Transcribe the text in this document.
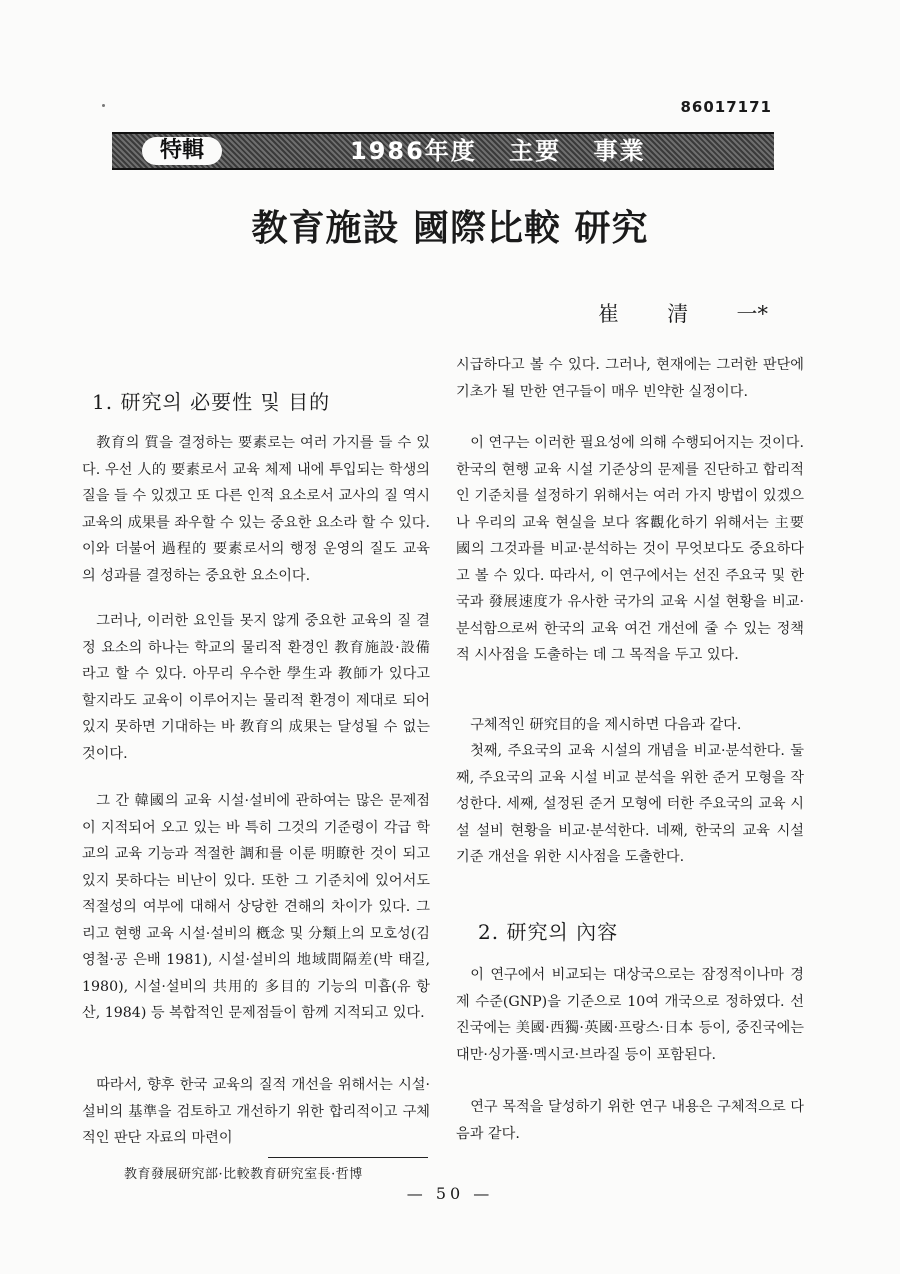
86017171
特輯	1986年度 主要 事業
教育施設 國際比較 研究
崔 清 一*
1. 研究의 必要性 및 目的

教育의 質을 결정하는 要素로는 여러 가지를 들 수 있다. 우선 人的 要素로서 교육 체제 내에 투입되는 학생의 질을 들 수 있겠고 또 다른 인적 요소로서 교사의 질 역시 교육의 成果를 좌우할 수 있는 중요한 요소라 할 수 있다. 이와 더불어 過程的 要素로서의 행정 운영의 질도 교육의 성과를 결정하는 중요한 요소이다.

그러나, 이러한 요인들 못지 않게 중요한 교육의 질 결정 요소의 하나는 학교의 물리적 환경인 教育施設·設備라고 할 수 있다. 아무리 우수한 學生과 教師가 있다고 할지라도 교육이 이루어지는 물리적 환경이 제대로 되어 있지 못하면 기대하는 바 教育의 成果는 달성될 수 없는 것이다.

그 간 韓國의 교육 시설·설비에 관하여는 많은 문제점이 지적되어 오고 있는 바 특히 그것의 기준령이 각급 학교의 교육 기능과 적절한 調和를 이룬 明瞭한 것이 되고 있지 못하다는 비난이 있다. 또한 그 기준치에 있어서도 적절성의 여부에 대해서 상당한 견해의 차이가 있다. 그리고 현행 교육 시설·설비의 槪念 및 分類上의 모호성(김 영철·공 은배 1981), 시설·설비의 地域間隔差(박 태길, 1980), 시설·설비의 共用的 多目的 기능의 미흡(유 항산, 1984) 등 복합적인 문제점들이 함께 지적되고 있다.

따라서, 향후 한국 교육의 질적 개선을 위해서는 시설·설비의 基準을 검토하고 개선하기 위한 합리적이고 구체적인 판단 자료의 마련이

시급하다고 볼 수 있다. 그러나, 현재에는 그러한 판단에 기초가 될 만한 연구들이 매우 빈약한 실정이다.

이 연구는 이러한 필요성에 의해 수행되어지는 것이다. 한국의 현행 교육 시설 기준상의 문제를 진단하고 합리적인 기준치를 설정하기 위해서는 여러 가지 방법이 있겠으나 우리의 교육 현실을 보다 客觀化하기 위해서는 主要國의 그것과를 비교·분석하는 것이 무엇보다도 중요하다고 볼 수 있다. 따라서, 이 연구에서는 선진 주요국 및 한국과 發展速度가 유사한 국가의 교육 시설 현황을 비교·분석함으로써 한국의 교육 여건 개선에 줄 수 있는 정책적 시사점을 도출하는 데 그 목적을 두고 있다.

구체적인 研究目的을 제시하면 다음과 같다.

첫째, 주요국의 교육 시설의 개념을 비교·분석한다. 둘째, 주요국의 교육 시설 비교 분석을 위한 준거 모형을 작성한다. 세째, 설정된 준거 모형에 터한 주요국의 교육 시설 설비 현황을 비교·분석한다. 네째, 한국의 교육 시설 기준 개선을 위한 시사점을 도출한다.

2. 研究의 內容

이 연구에서 비교되는 대상국으로는 잠정적이나마 경제 수준(GNP)을 기준으로 10여 개국으로 정하였다. 선진국에는 美國·西獨·英國·프랑스·日本 등이, 중진국에는 대만·싱가폴·멕시코·브라질 등이 포함된다.

연구 목적을 달성하기 위한 연구 내용은 구체적으로 다음과 같다.

教育發展研究部·比較教育研究室長·哲博
— 50 —
